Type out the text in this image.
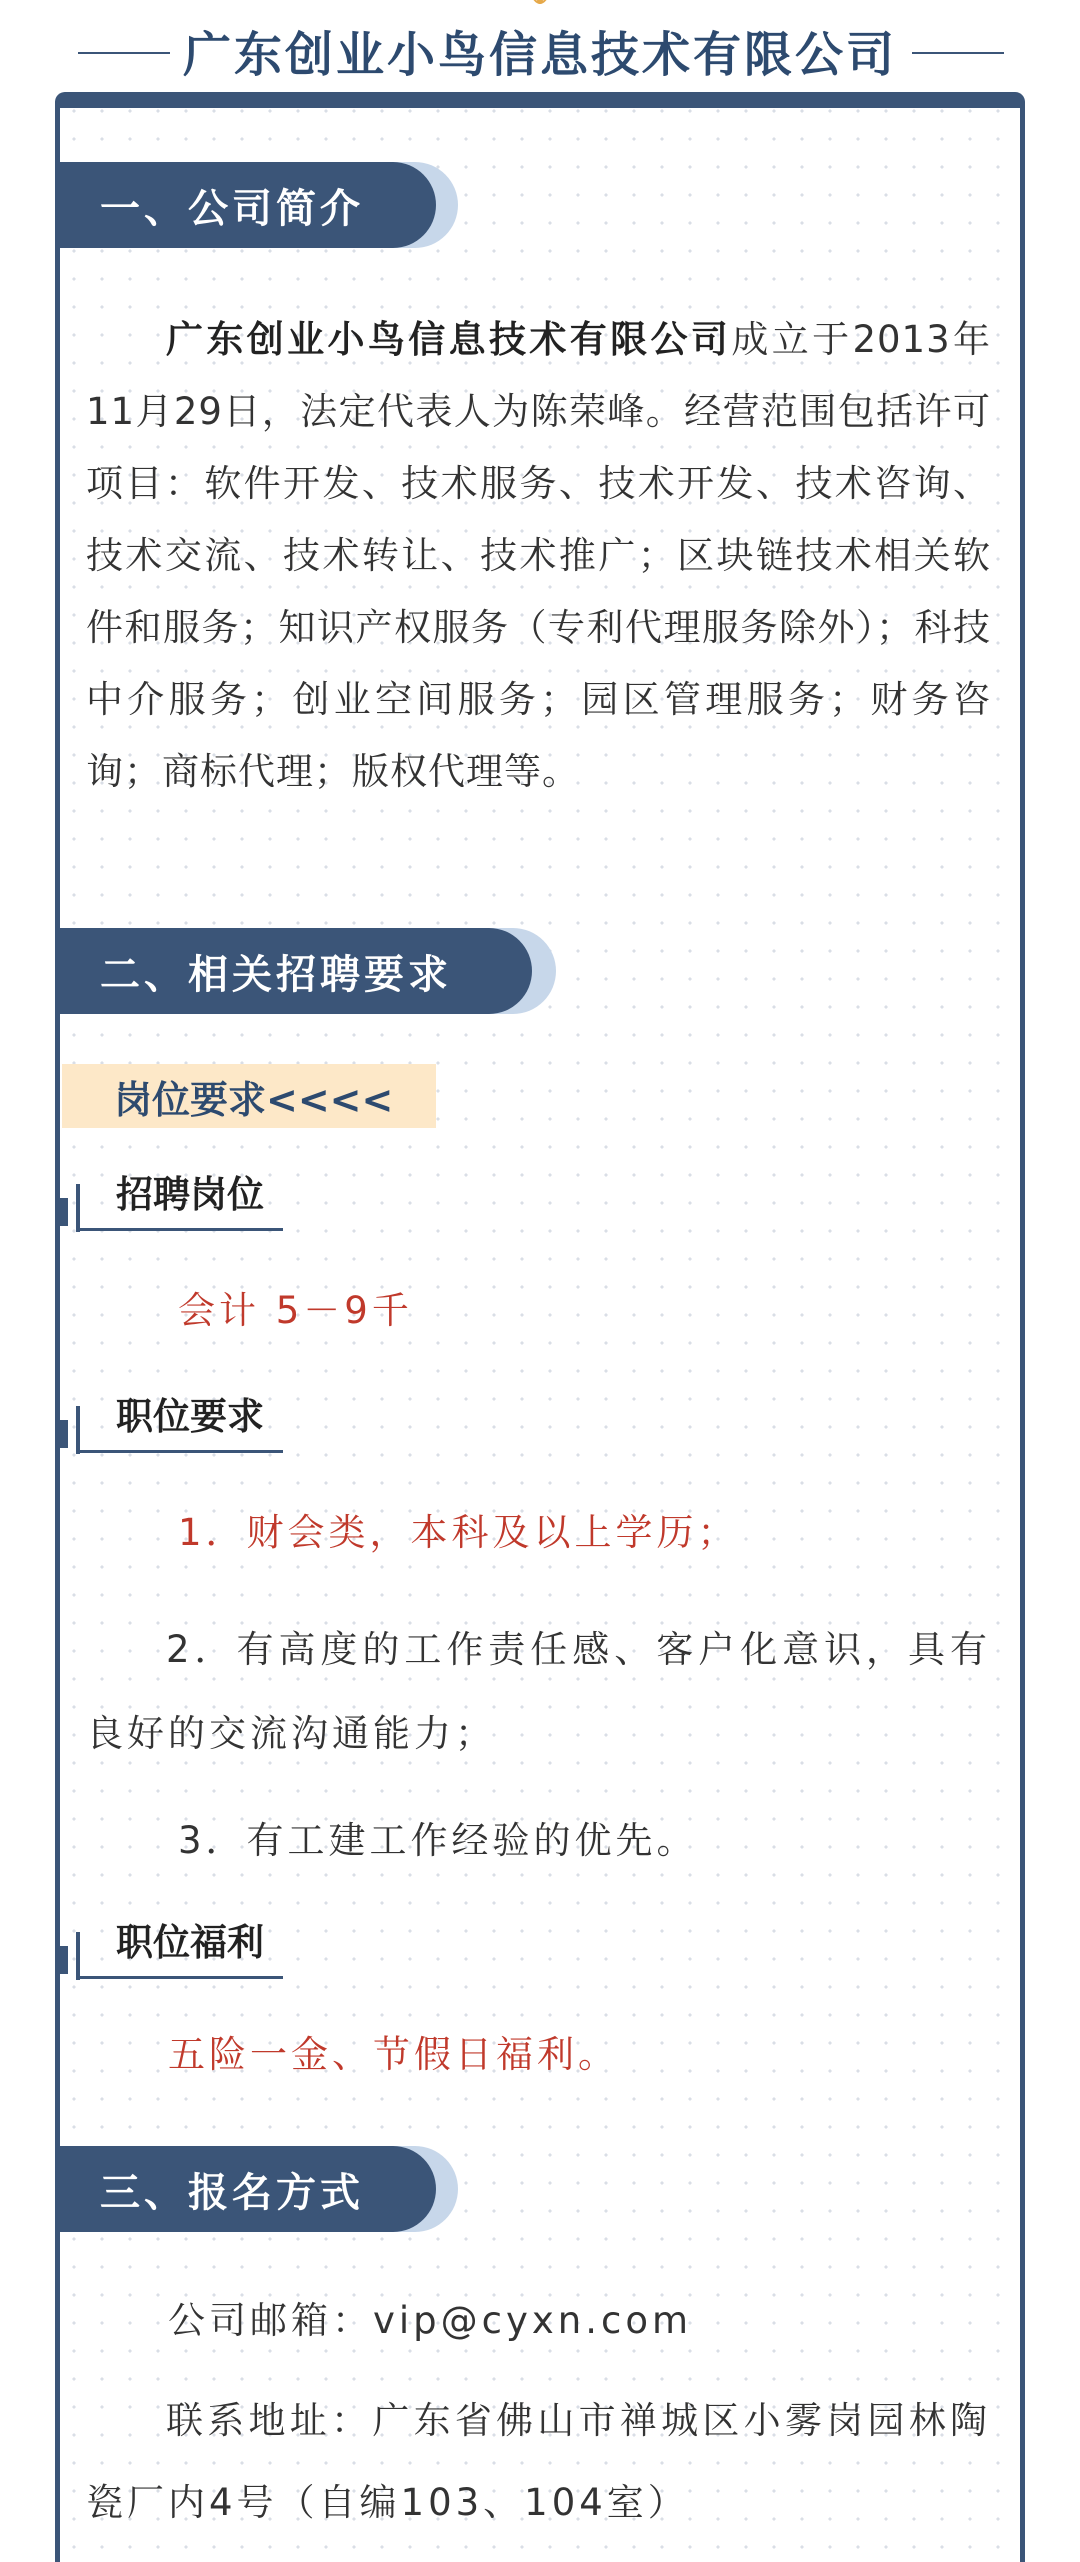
广东创业小鸟信息技术有限公司
一、公司简介
广东创业小鸟信息技术有限公司成立于2013年11月29日，法定代表人为陈荣峰。经营范围包括许可项目：软件开发、技术服务、技术开发、技术咨询、技术交流、技术转让、技术推广；区块链技术相关软件和服务；知识产权服务（专利代理服务除外）；科技中介服务；创业空间服务；园区管理服务；财务咨询；商标代理；版权代理等。
二、相关招聘要求
岗位要求<<<<
招聘岗位
会计 5－9千
职位要求
1．财会类，本科及以上学历；
2．有高度的工作责任感、客户化意识，具有良好的交流沟通能力；
3．有工建工作经验的优先。
职位福利
五险一金、节假日福利。
三、报名方式
公司邮箱：vip@cyxn.com
联系地址：广东省佛山市禅城区小雾岗园林陶瓷厂内4号（自编103、104室）
